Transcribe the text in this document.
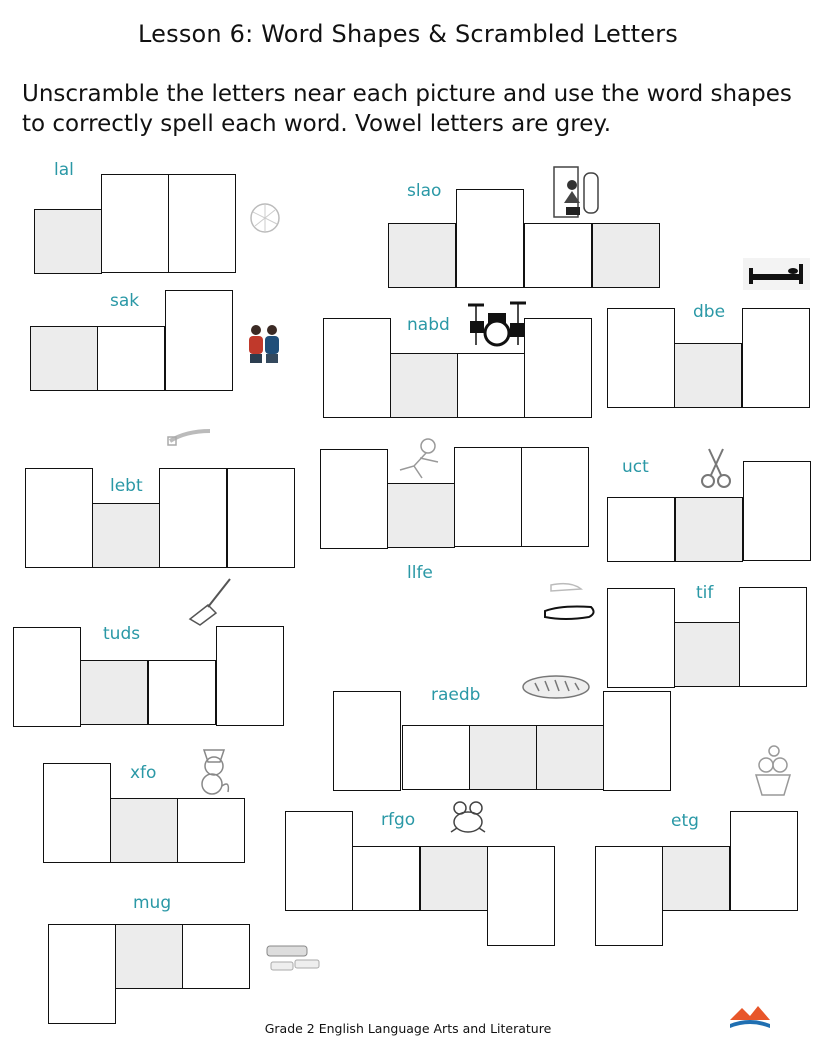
Lesson 6: Word Shapes & Scrambled Letters
Unscramble the letters near each picture and use the word shapes to correctly spell each word. Vowel letters are grey.
lal
slao
sak
nabd
dbe
lebt
llfe
uct
tif
tuds
raedb
xfo
rfgo	etg
mug
Grade 2 English Language Arts and Literature
